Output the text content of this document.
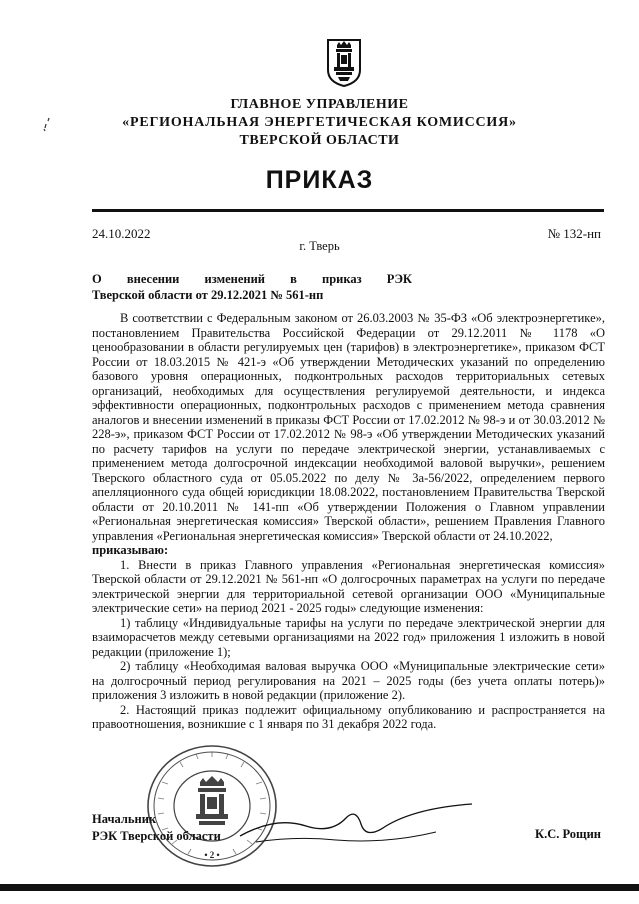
ГЛАВНОЕ УПРАВЛЕНИЕ
«РЕГИОНАЛЬНАЯ ЭНЕРГЕТИЧЕСКАЯ КОМИССИЯ»
ТВЕРСКОЙ ОБЛАСТИ
ПРИКАЗ
24.10.2022	№ 132-нп
г. Тверь
О внесении изменений в приказ РЭК
Тверской области от 29.12.2021 № 561-нп

В соответствии с Федеральным законом от 26.03.2003 № 35-ФЗ «Об электроэнергетике», постановлением Правительства Российской Федерации от 29.12.2011 № 1178 «О ценообразовании в области регулируемых цен (тарифов) в электроэнергетике», приказом ФСТ России от 18.03.2015 № 421-э «Об утверждении Методических указаний по определению базового уровня операционных, подконтрольных расходов территориальных сетевых организаций, необходимых для осуществления регулируемой деятельности, и индекса эффективности операционных, подконтрольных расходов с применением метода сравнения аналогов и внесении изменений в приказы ФСТ России от 17.02.2012 № 98-э и от 30.03.2012 № 228-э», приказом ФСТ России от 17.02.2012 № 98-э «Об утверждении Методических указаний по расчету тарифов на услуги по передаче электрической энергии, устанавливаемых с применением метода долгосрочной индексации необходимой валовой выручки», решением Тверского областного суда от 05.05.2022 по делу № 3а-56/2022, определением первого апелляционного суда общей юрисдикции 18.08.2022, постановлением Правительства Тверской области от 20.10.2011 № 141-пп «Об утверждении Положения о Главном управлении «Региональная энергетическая комиссия» Тверской области», решением Правления Главного управления «Региональная энергетическая комиссия» Тверской области от 24.10.2022,

приказываю:

1. Внести в приказ Главного управления «Региональная энергетическая комиссия» Тверской области от 29.12.2021 № 561-нп «О долгосрочных параметрах на услуги по передаче электрической энергии для территориальной сетевой организации ООО «Муниципальные электрические сети» на период 2021 - 2025 годы» следующие изменения:

1) таблицу «Индивидуальные тарифы на услуги по передаче электрической энергии для взаиморасчетов между сетевыми организациями на 2022 год» приложения 1 изложить в новой редакции (приложение 1);

2) таблицу «Необходимая валовая выручка ООО «Муниципальные электрические сети» на долгосрочный период регулирования на 2021 – 2025 годы (без учета оплаты потерь)» приложения 3 изложить в новой редакции (приложение 2).

2. Настоящий приказ подлежит официальному опубликованию и распространяется на правоотношения, возникшие с 1 января по 31 декабря 2022 года.

Начальник
РЭК Тверской области	К.С. Рощин
• 2 •
